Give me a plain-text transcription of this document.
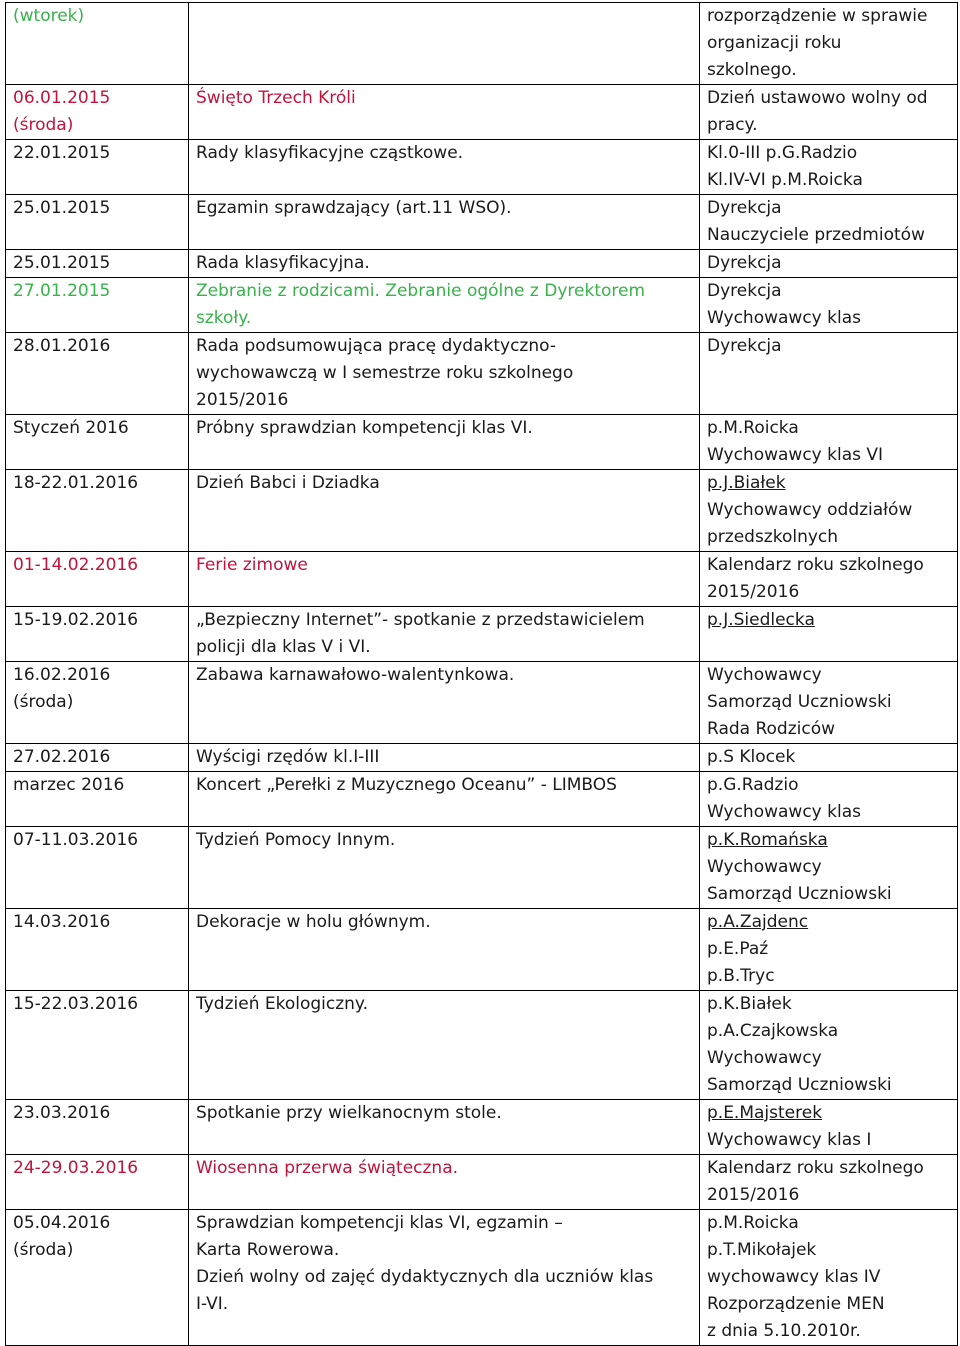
(wtorek)		rozporządzenie w sprawie
organizacji roku
szkolnego.

06.01.2015
(środa)	Święto Trzech Króli	Dzień ustawowo wolny od
pracy.

22.01.2015	Rady klasyfikacyjne cząstkowe.	Kl.0-III p.G.Radzio
Kl.IV-VI p.M.Roicka

25.01.2015	Egzamin sprawdzający (art.11 WSO).	Dyrekcja
Nauczyciele przedmiotów

25.01.2015	Rada klasyfikacyjna.	Dyrekcja

27.01.2015	Zebranie z rodzicami. Zebranie ogólne z Dyrektorem
szkoły.	Dyrekcja
Wychowawcy klas

28.01.2016	Rada podsumowująca pracę dydaktyczno-
wychowawczą w I semestrze roku szkolnego
2015/2016	Dyrekcja

Styczeń 2016	Próbny sprawdzian kompetencji klas VI.	p.M.Roicka
Wychowawcy klas VI

18-22.01.2016	Dzień Babci i Dziadka	p.J.Białek
Wychowawcy oddziałów
przedszkolnych

01-14.02.2016	Ferie zimowe	Kalendarz roku szkolnego
2015/2016

15-19.02.2016	„Bezpieczny Internet”- spotkanie z przedstawicielem
policji dla klas V i VI.	p.J.Siedlecka

16.02.2016
(środa)	Zabawa karnawałowo-walentynkowa.	Wychowawcy
Samorząd Uczniowski
Rada Rodziców

27.02.2016	Wyścigi rzędów kl.I-III	p.S Klocek

marzec 2016	Koncert „Perełki z Muzycznego Oceanu” - LIMBOS	p.G.Radzio
Wychowawcy klas

07-11.03.2016	Tydzień Pomocy Innym.	p.K.Romańska
Wychowawcy
Samorząd Uczniowski

14.03.2016	Dekoracje w holu głównym.	p.A.Zajdenc
p.E.Paź
p.B.Tryc

15-22.03.2016	Tydzień Ekologiczny.	p.K.Białek
p.A.Czajkowska
Wychowawcy
Samorząd Uczniowski

23.03.2016	Spotkanie przy wielkanocnym stole.	p.E.Majsterek
Wychowawcy klas I

24-29.03.2016	Wiosenna przerwa świąteczna.	Kalendarz roku szkolnego
2015/2016

05.04.2016
(środa)	Sprawdzian kompetencji klas VI, egzamin –
Karta Rowerowa.
Dzień wolny od zajęć dydaktycznych dla uczniów klas
I-VI.	p.M.Roicka
p.T.Mikołajek
wychowawcy klas IV
Rozporządzenie MEN
z dnia 5.10.2010r.
